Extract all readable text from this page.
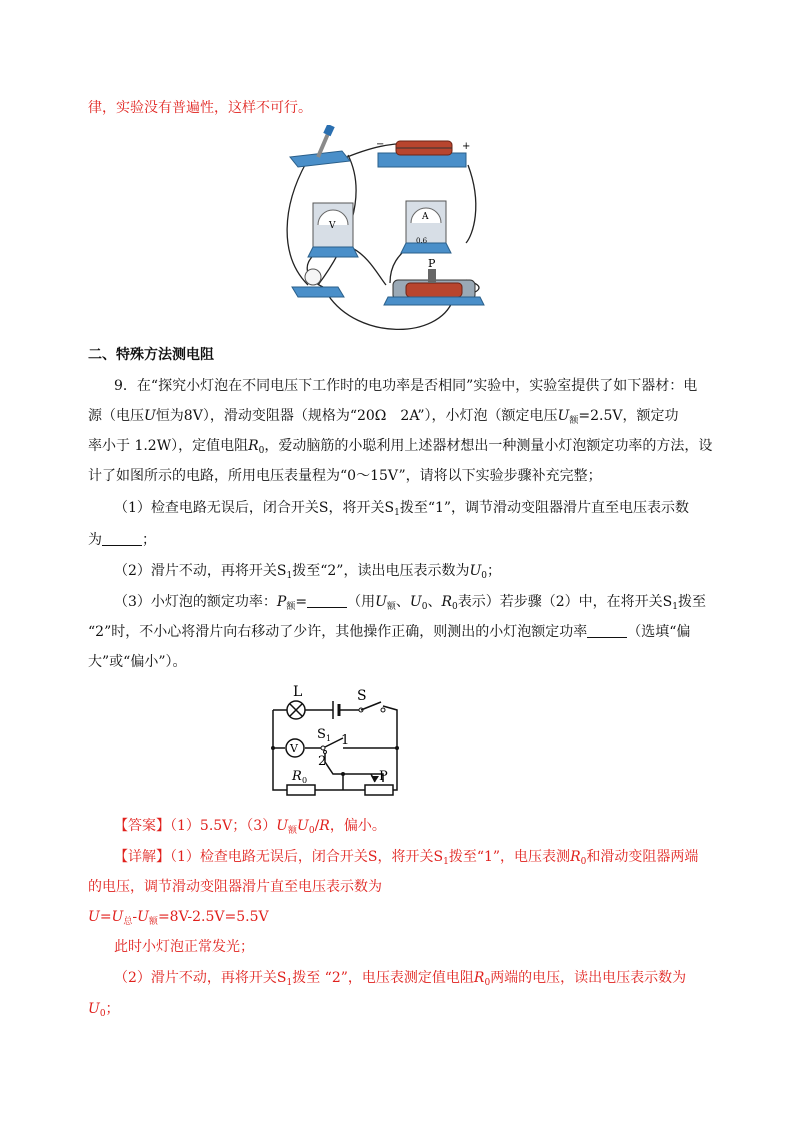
律，实验没有普遍性，这样不可行。
−	+
V
A
0.6
P
二、特殊方法测电阻
9．在“探究小灯泡在不同电压下工作时的电功率是否相同”实验中，实验室提供了如下器材：电
源（电压U恒为8V），滑动变阻器（规格为“20Ω　2A”），小灯泡（额定电压$U_额=2.5V$，额定功
率小于 1.2W），定值电阻$R_0$，爱动脑筋的小聪利用上述器材想出一种测量小灯泡额定功率的方法，设
计了如图所示的电路，所用电压表量程为“0～15V”，请将以下实验步骤补充完整；
（1）检查电路无误后，闭合开关S，将开关$S_1$拨至“1”，调节滑动变阻器滑片直至电压表示数
为	；
（2）滑片不动，再将开关$S_1$拨至“2”，读出电压表示数为$U_0$；
（3）小灯泡的额定功率：$P_额=$	（用$U_额$、$U_0$、$R_0$表示）若步骤（2）中，在将开关$S_1$拨至
“2”时，不小心将滑片向右移动了少许，其他操作正确，则测出的小灯泡额定功率	（选填“偏
大”或“偏小”）。
V
L	S
S 1 1
2
R 0	P
【答案】（1）5.5V；$(3)U_额U_0/R$，偏小。
【详解】（1）检查电路无误后，闭合开关S，将开关$S_1$拨至“1”，电压表测$R_0$和滑动变阻器两端
的电压，调节滑动变阻器滑片直至电压表示数为
$U=U_总-U_额=8V-2.5V=5.5V$
此时小灯泡正常发光；
（2）滑片不动，再将开关$S_1$拨至 “2”，电压表测定值电阻$R_0$两端的电压，读出电压表示数为
$U_0$；
